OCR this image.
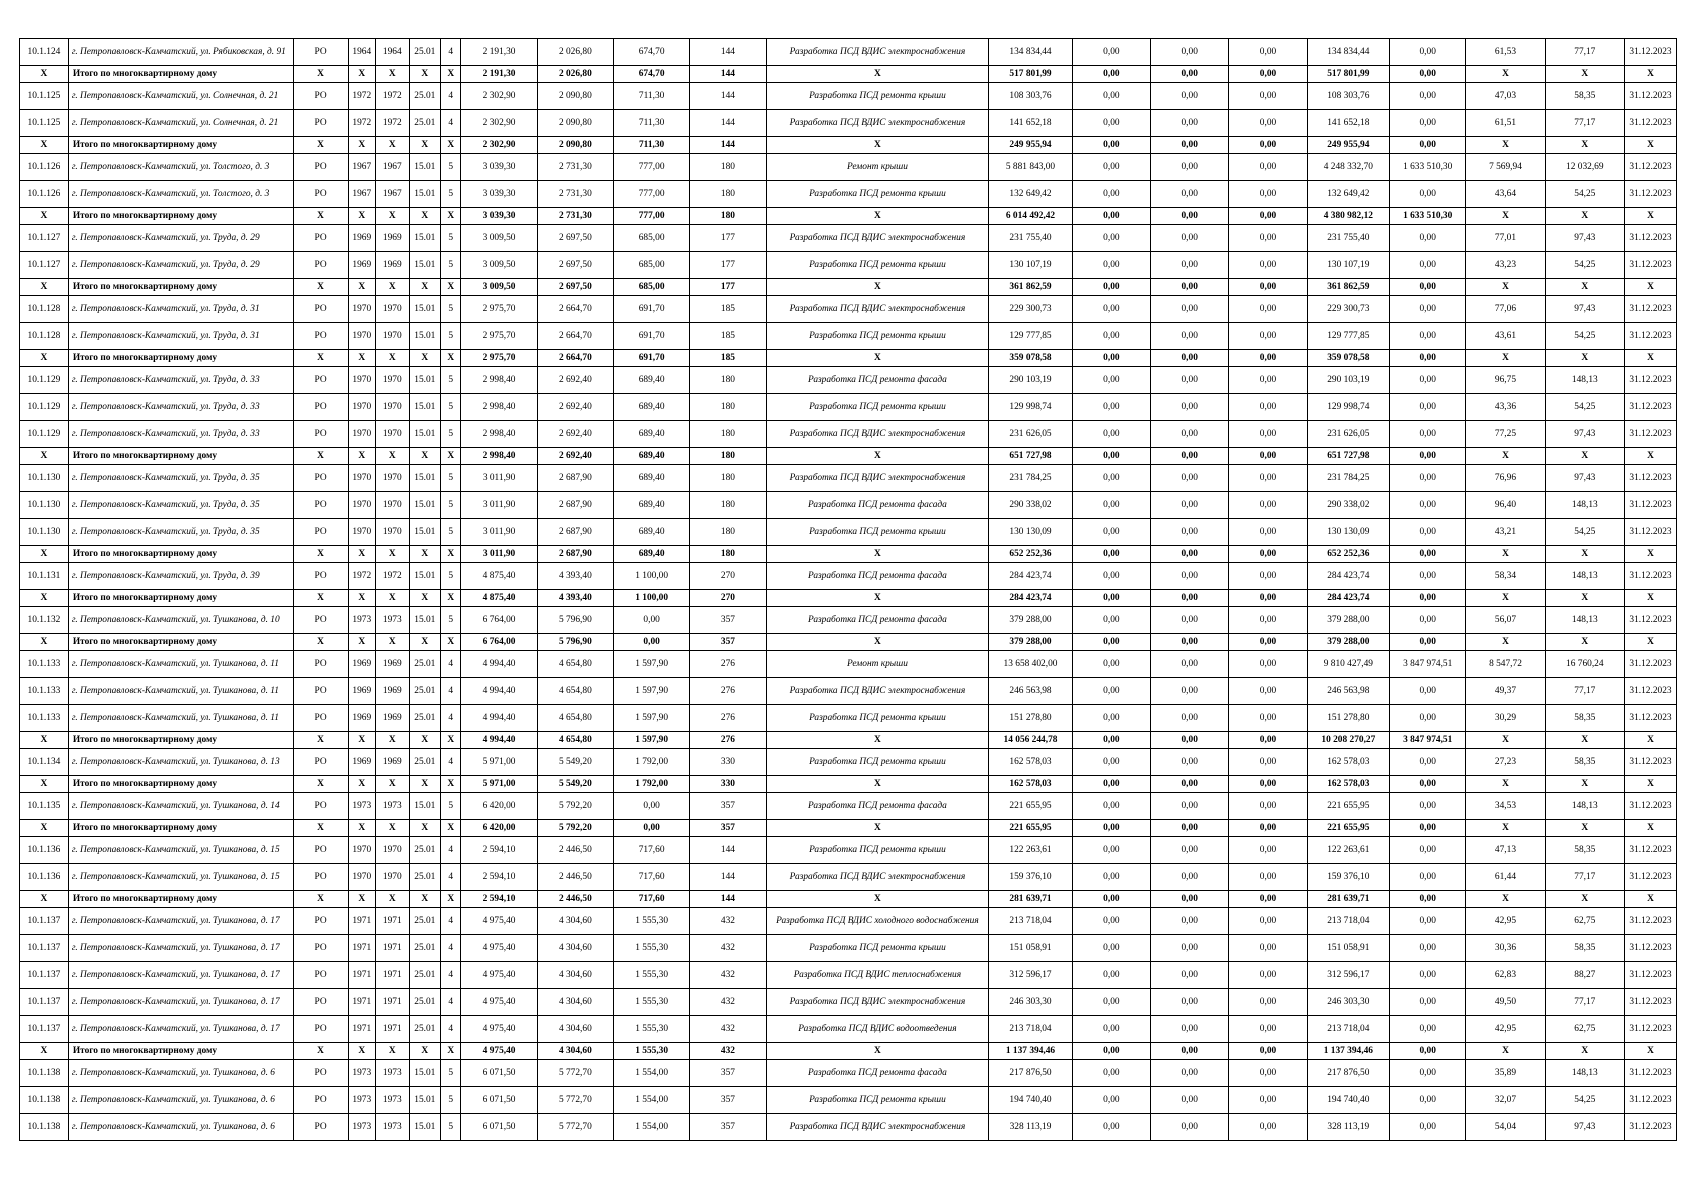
10.1.124	г. Петропавловск-Камчатский, ул. Рябиковская, д. 91	РО	1964	1964	25.01	4	2 191,30	2 026,80	674,70	144	Разработка ПСД ВДИС электроснабжения	134 834,44	0,00	0,00	0,00	134 834,44	0,00	61,53	77,17	31.12.2023
X	Итого по многоквартирному дому	X	X	X	X	X	2 191,30	2 026,80	674,70	144	X	517 801,99	0,00	0,00	0,00	517 801,99	0,00	X	X	X
10.1.125	г. Петропавловск-Камчатский, ул. Солнечная, д. 21	РО	1972	1972	25.01	4	2 302,90	2 090,80	711,30	144	Разработка ПСД ремонта крыши	108 303,76	0,00	0,00	0,00	108 303,76	0,00	47,03	58,35	31.12.2023
10.1.125	г. Петропавловск-Камчатский, ул. Солнечная, д. 21	РО	1972	1972	25.01	4	2 302,90	2 090,80	711,30	144	Разработка ПСД ВДИС электроснабжения	141 652,18	0,00	0,00	0,00	141 652,18	0,00	61,51	77,17	31.12.2023
X	Итого по многоквартирному дому	X	X	X	X	X	2 302,90	2 090,80	711,30	144	X	249 955,94	0,00	0,00	0,00	249 955,94	0,00	X	X	X
10.1.126	г. Петропавловск-Камчатский, ул. Толстого, д. 3	РО	1967	1967	15.01	5	3 039,30	2 731,30	777,00	180	Ремонт крыши	5 881 843,00	0,00	0,00	0,00	4 248 332,70	1 633 510,30	7 569,94	12 032,69	31.12.2023
10.1.126	г. Петропавловск-Камчатский, ул. Толстого, д. 3	РО	1967	1967	15.01	5	3 039,30	2 731,30	777,00	180	Разработка ПСД ремонта крыши	132 649,42	0,00	0,00	0,00	132 649,42	0,00	43,64	54,25	31.12.2023
X	Итого по многоквартирному дому	X	X	X	X	X	3 039,30	2 731,30	777,00	180	X	6 014 492,42	0,00	0,00	0,00	4 380 982,12	1 633 510,30	X	X	X
10.1.127	г. Петропавловск-Камчатский, ул. Труда, д. 29	РО	1969	1969	15.01	5	3 009,50	2 697,50	685,00	177	Разработка ПСД ВДИС электроснабжения	231 755,40	0,00	0,00	0,00	231 755,40	0,00	77,01	97,43	31.12.2023
10.1.127	г. Петропавловск-Камчатский, ул. Труда, д. 29	РО	1969	1969	15.01	5	3 009,50	2 697,50	685,00	177	Разработка ПСД ремонта крыши	130 107,19	0,00	0,00	0,00	130 107,19	0,00	43,23	54,25	31.12.2023
X	Итого по многоквартирному дому	X	X	X	X	X	3 009,50	2 697,50	685,00	177	X	361 862,59	0,00	0,00	0,00	361 862,59	0,00	X	X	X
10.1.128	г. Петропавловск-Камчатский, ул. Труда, д. 31	РО	1970	1970	15.01	5	2 975,70	2 664,70	691,70	185	Разработка ПСД ВДИС электроснабжения	229 300,73	0,00	0,00	0,00	229 300,73	0,00	77,06	97,43	31.12.2023
10.1.128	г. Петропавловск-Камчатский, ул. Труда, д. 31	РО	1970	1970	15.01	5	2 975,70	2 664,70	691,70	185	Разработка ПСД ремонта крыши	129 777,85	0,00	0,00	0,00	129 777,85	0,00	43,61	54,25	31.12.2023
X	Итого по многоквартирному дому	X	X	X	X	X	2 975,70	2 664,70	691,70	185	X	359 078,58	0,00	0,00	0,00	359 078,58	0,00	X	X	X
10.1.129	г. Петропавловск-Камчатский, ул. Труда, д. 33	РО	1970	1970	15.01	5	2 998,40	2 692,40	689,40	180	Разработка ПСД ремонта фасада	290 103,19	0,00	0,00	0,00	290 103,19	0,00	96,75	148,13	31.12.2023
10.1.129	г. Петропавловск-Камчатский, ул. Труда, д. 33	РО	1970	1970	15.01	5	2 998,40	2 692,40	689,40	180	Разработка ПСД ремонта крыши	129 998,74	0,00	0,00	0,00	129 998,74	0,00	43,36	54,25	31.12.2023
10.1.129	г. Петропавловск-Камчатский, ул. Труда, д. 33	РО	1970	1970	15.01	5	2 998,40	2 692,40	689,40	180	Разработка ПСД ВДИС электроснабжения	231 626,05	0,00	0,00	0,00	231 626,05	0,00	77,25	97,43	31.12.2023
X	Итого по многоквартирному дому	X	X	X	X	X	2 998,40	2 692,40	689,40	180	X	651 727,98	0,00	0,00	0,00	651 727,98	0,00	X	X	X
10.1.130	г. Петропавловск-Камчатский, ул. Труда, д. 35	РО	1970	1970	15.01	5	3 011,90	2 687,90	689,40	180	Разработка ПСД ВДИС электроснабжения	231 784,25	0,00	0,00	0,00	231 784,25	0,00	76,96	97,43	31.12.2023
10.1.130	г. Петропавловск-Камчатский, ул. Труда, д. 35	РО	1970	1970	15.01	5	3 011,90	2 687,90	689,40	180	Разработка ПСД ремонта фасада	290 338,02	0,00	0,00	0,00	290 338,02	0,00	96,40	148,13	31.12.2023
10.1.130	г. Петропавловск-Камчатский, ул. Труда, д. 35	РО	1970	1970	15.01	5	3 011,90	2 687,90	689,40	180	Разработка ПСД ремонта крыши	130 130,09	0,00	0,00	0,00	130 130,09	0,00	43,21	54,25	31.12.2023
X	Итого по многоквартирному дому	X	X	X	X	X	3 011,90	2 687,90	689,40	180	X	652 252,36	0,00	0,00	0,00	652 252,36	0,00	X	X	X
10.1.131	г. Петропавловск-Камчатский, ул. Труда, д. 39	РО	1972	1972	15.01	5	4 875,40	4 393,40	1 100,00	270	Разработка ПСД ремонта фасада	284 423,74	0,00	0,00	0,00	284 423,74	0,00	58,34	148,13	31.12.2023
X	Итого по многоквартирному дому	X	X	X	X	X	4 875,40	4 393,40	1 100,00	270	X	284 423,74	0,00	0,00	0,00	284 423,74	0,00	X	X	X
10.1.132	г. Петропавловск-Камчатский, ул. Тушканова, д. 10	РО	1973	1973	15.01	5	6 764,00	5 796,90	0,00	357	Разработка ПСД ремонта фасада	379 288,00	0,00	0,00	0,00	379 288,00	0,00	56,07	148,13	31.12.2023
X	Итого по многоквартирному дому	X	X	X	X	X	6 764,00	5 796,90	0,00	357	X	379 288,00	0,00	0,00	0,00	379 288,00	0,00	X	X	X
10.1.133	г. Петропавловск-Камчатский, ул. Тушканова, д. 11	РО	1969	1969	25.01	4	4 994,40	4 654,80	1 597,90	276	Ремонт крыши	13 658 402,00	0,00	0,00	0,00	9 810 427,49	3 847 974,51	8 547,72	16 760,24	31.12.2023
10.1.133	г. Петропавловск-Камчатский, ул. Тушканова, д. 11	РО	1969	1969	25.01	4	4 994,40	4 654,80	1 597,90	276	Разработка ПСД ВДИС электроснабжения	246 563,98	0,00	0,00	0,00	246 563,98	0,00	49,37	77,17	31.12.2023
10.1.133	г. Петропавловск-Камчатский, ул. Тушканова, д. 11	РО	1969	1969	25.01	4	4 994,40	4 654,80	1 597,90	276	Разработка ПСД ремонта крыши	151 278,80	0,00	0,00	0,00	151 278,80	0,00	30,29	58,35	31.12.2023
X	Итого по многоквартирному дому	X	X	X	X	X	4 994,40	4 654,80	1 597,90	276	X	14 056 244,78	0,00	0,00	0,00	10 208 270,27	3 847 974,51	X	X	X
10.1.134	г. Петропавловск-Камчатский, ул. Тушканова, д. 13	РО	1969	1969	25.01	4	5 971,00	5 549,20	1 792,00	330	Разработка ПСД ремонта крыши	162 578,03	0,00	0,00	0,00	162 578,03	0,00	27,23	58,35	31.12.2023
X	Итого по многоквартирному дому	X	X	X	X	X	5 971,00	5 549,20	1 792,00	330	X	162 578,03	0,00	0,00	0,00	162 578,03	0,00	X	X	X
10.1.135	г. Петропавловск-Камчатский, ул. Тушканова, д. 14	РО	1973	1973	15.01	5	6 420,00	5 792,20	0,00	357	Разработка ПСД ремонта фасада	221 655,95	0,00	0,00	0,00	221 655,95	0,00	34,53	148,13	31.12.2023
X	Итого по многоквартирному дому	X	X	X	X	X	6 420,00	5 792,20	0,00	357	X	221 655,95	0,00	0,00	0,00	221 655,95	0,00	X	X	X
10.1.136	г. Петропавловск-Камчатский, ул. Тушканова, д. 15	РО	1970	1970	25.01	4	2 594,10	2 446,50	717,60	144	Разработка ПСД ремонта крыши	122 263,61	0,00	0,00	0,00	122 263,61	0,00	47,13	58,35	31.12.2023
10.1.136	г. Петропавловск-Камчатский, ул. Тушканова, д. 15	РО	1970	1970	25.01	4	2 594,10	2 446,50	717,60	144	Разработка ПСД ВДИС электроснабжения	159 376,10	0,00	0,00	0,00	159 376,10	0,00	61,44	77,17	31.12.2023
X	Итого по многоквартирному дому	X	X	X	X	X	2 594,10	2 446,50	717,60	144	X	281 639,71	0,00	0,00	0,00	281 639,71	0,00	X	X	X
10.1.137	г. Петропавловск-Камчатский, ул. Тушканова, д. 17	РО	1971	1971	25.01	4	4 975,40	4 304,60	1 555,30	432	Разработка ПСД ВДИС холодного водоснабжения	213 718,04	0,00	0,00	0,00	213 718,04	0,00	42,95	62,75	31.12.2023
10.1.137	г. Петропавловск-Камчатский, ул. Тушканова, д. 17	РО	1971	1971	25.01	4	4 975,40	4 304,60	1 555,30	432	Разработка ПСД ремонта крыши	151 058,91	0,00	0,00	0,00	151 058,91	0,00	30,36	58,35	31.12.2023
10.1.137	г. Петропавловск-Камчатский, ул. Тушканова, д. 17	РО	1971	1971	25.01	4	4 975,40	4 304,60	1 555,30	432	Разработка ПСД ВДИС теплоснабжения	312 596,17	0,00	0,00	0,00	312 596,17	0,00	62,83	88,27	31.12.2023
10.1.137	г. Петропавловск-Камчатский, ул. Тушканова, д. 17	РО	1971	1971	25.01	4	4 975,40	4 304,60	1 555,30	432	Разработка ПСД ВДИС электроснабжения	246 303,30	0,00	0,00	0,00	246 303,30	0,00	49,50	77,17	31.12.2023
10.1.137	г. Петропавловск-Камчатский, ул. Тушканова, д. 17	РО	1971	1971	25.01	4	4 975,40	4 304,60	1 555,30	432	Разработка ПСД ВДИС водоотведения	213 718,04	0,00	0,00	0,00	213 718,04	0,00	42,95	62,75	31.12.2023
X	Итого по многоквартирному дому	X	X	X	X	X	4 975,40	4 304,60	1 555,30	432	X	1 137 394,46	0,00	0,00	0,00	1 137 394,46	0,00	X	X	X
10.1.138	г. Петропавловск-Камчатский, ул. Тушканова, д. 6	РО	1973	1973	15.01	5	6 071,50	5 772,70	1 554,00	357	Разработка ПСД ремонта фасада	217 876,50	0,00	0,00	0,00	217 876,50	0,00	35,89	148,13	31.12.2023
10.1.138	г. Петропавловск-Камчатский, ул. Тушканова, д. 6	РО	1973	1973	15.01	5	6 071,50	5 772,70	1 554,00	357	Разработка ПСД ремонта крыши	194 740,40	0,00	0,00	0,00	194 740,40	0,00	32,07	54,25	31.12.2023
10.1.138	г. Петропавловск-Камчатский, ул. Тушканова, д. 6	РО	1973	1973	15.01	5	6 071,50	5 772,70	1 554,00	357	Разработка ПСД ВДИС электроснабжения	328 113,19	0,00	0,00	0,00	328 113,19	0,00	54,04	97,43	31.12.2023
